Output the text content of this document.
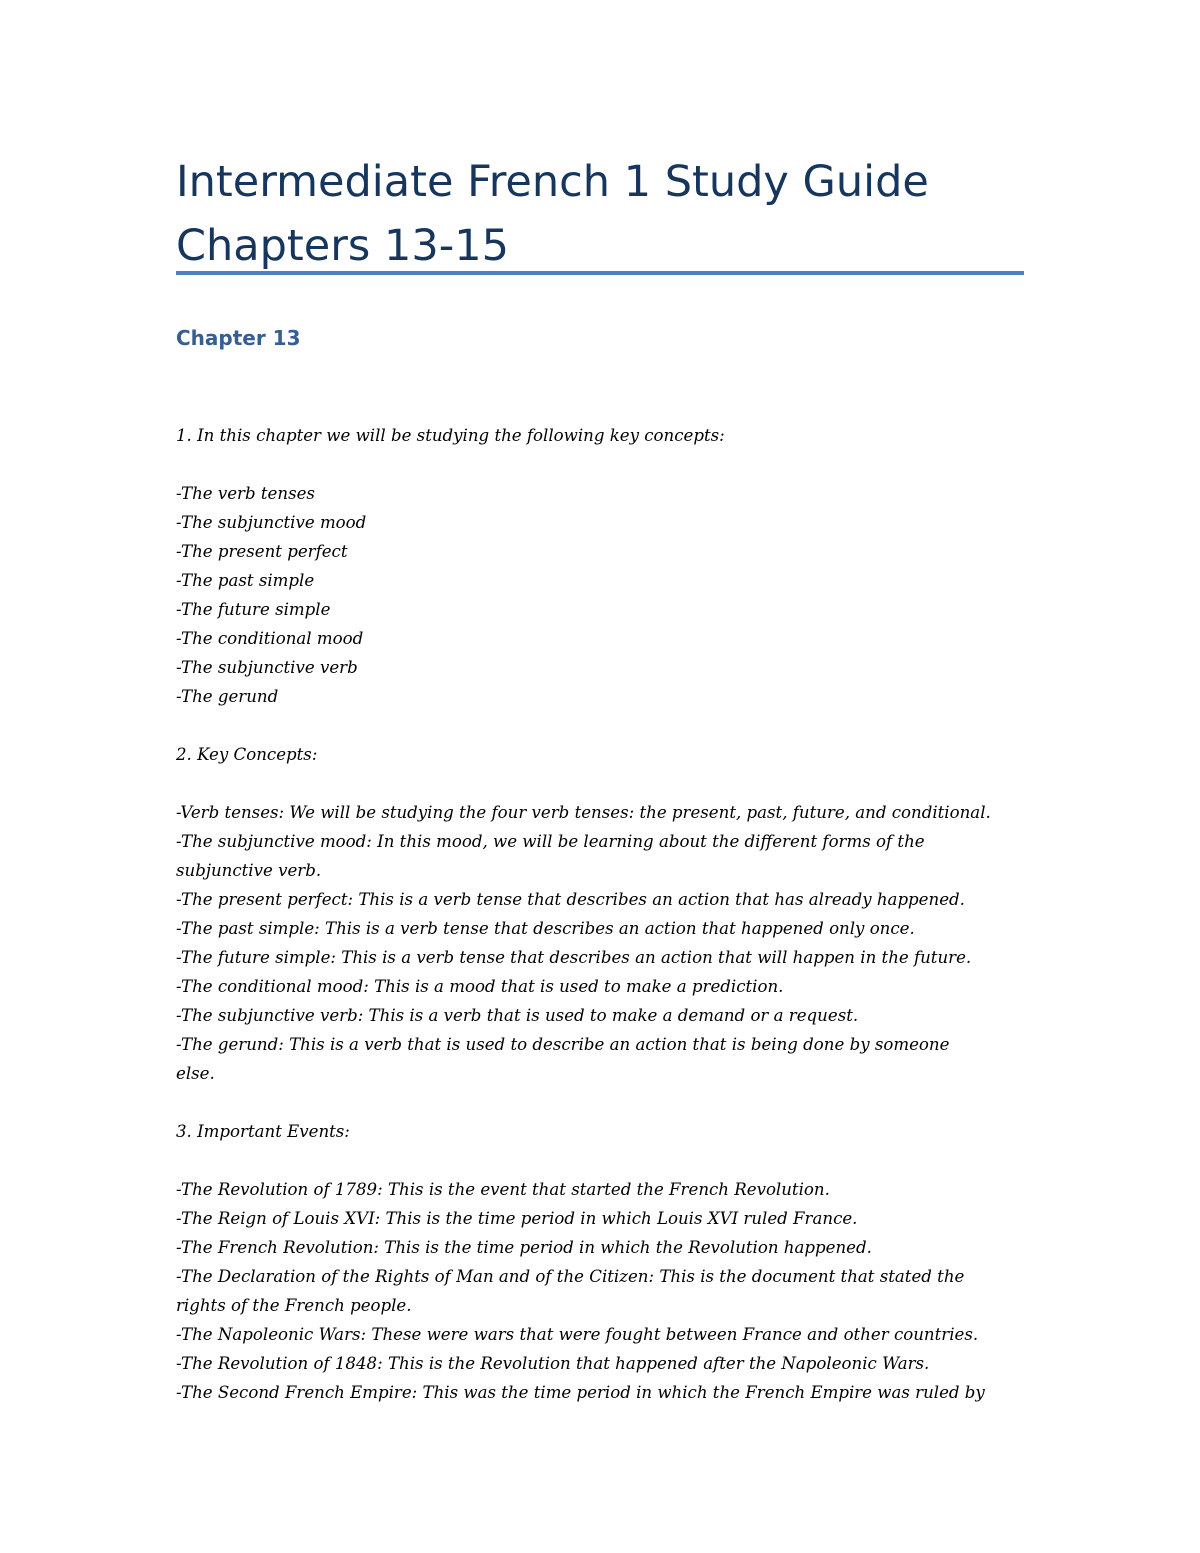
Intermediate French 1 Study Guide
Chapters 13-15
Chapter 13
1. In this chapter we will be studying the following key concepts:
-The verb tenses
-The subjunctive mood
-The present perfect
-The past simple
-The future simple
-The conditional mood
-The subjunctive verb
-The gerund
2. Key Concepts:
-Verb tenses: We will be studying the four verb tenses: the present, past, future, and conditional.
-The subjunctive mood: In this mood, we will be learning about the different forms of the
subjunctive verb.
-The present perfect: This is a verb tense that describes an action that has already happened.
-The past simple: This is a verb tense that describes an action that happened only once.
-The future simple: This is a verb tense that describes an action that will happen in the future.
-The conditional mood: This is a mood that is used to make a prediction.
-The subjunctive verb: This is a verb that is used to make a demand or a request.
-The gerund: This is a verb that is used to describe an action that is being done by someone
else.
3. Important Events:
-The Revolution of 1789: This is the event that started the French Revolution.
-The Reign of Louis XVI: This is the time period in which Louis XVI ruled France.
-The French Revolution: This is the time period in which the Revolution happened.
-The Declaration of the Rights of Man and of the Citizen: This is the document that stated the
rights of the French people.
-The Napoleonic Wars: These were wars that were fought between France and other countries.
-The Revolution of 1848: This is the Revolution that happened after the Napoleonic Wars.
-The Second French Empire: This was the time period in which the French Empire was ruled by
